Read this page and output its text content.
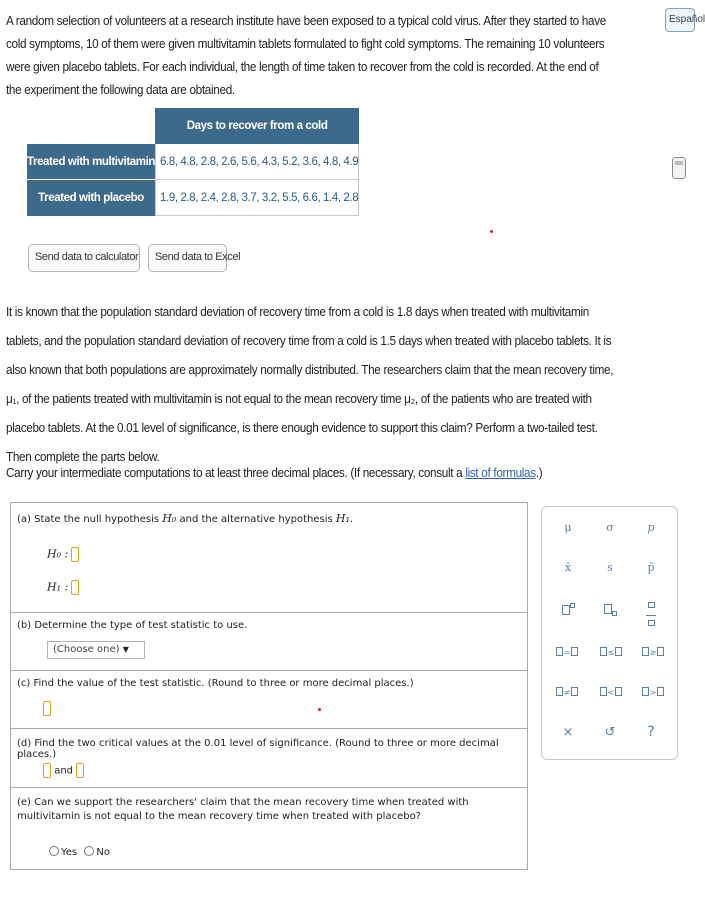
A random selection of volunteers at a research institute have been exposed to a typical cold virus. After they started to have cold symptoms, 10 of them were given multivitamin tablets formulated to fight cold symptoms. The remaining 10 volunteers were given placebo tablets. For each individual, the length of time taken to recover from the cold is recorded. At the end of the experiment the following data are obtained.
Español
	Days to recover from a cold
Treated with multivitamin	6.8, 4.8, 2.8, 2.6, 5.6, 4.3, 5.2, 3.6, 4.8, 4.9
Treated with placebo	1.9, 2.8, 2.4, 2.8, 3.7, 3.2, 5.5, 6.6, 1.4, 2.8
Send data to calculator	Send data to Excel
It is known that the population standard deviation of recovery time from a cold is 1.8 days when treated with multivitamin tablets, and the population standard deviation of recovery time from a cold is 1.5 days when treated with placebo tablets. It is also known that both populations are approximately normally distributed. The researchers claim that the mean recovery time, μ₁, of the patients treated with multivitamin is not equal to the mean recovery time μ₂, of the patients who are treated with placebo tablets. At the 0.01 level of significance, is there enough evidence to support this claim? Perform a two-tailed test. Then complete the parts below.
Carry your intermediate computations to at least three decimal places. (If necessary, consult a list of formulas.)
(a) State the null hypothesis H₀ and the alternative hypothesis H₁.
H₀ :
H₁ :
(b) Determine the type of test statistic to use.
(Choose one) ▼
(c) Find the value of the test statistic. (Round to three or more decimal places.)
(d) Find the two critical values at the 0.01 level of significance. (Round to three or more decimal places.)
and
(e) Can we support the researchers' claim that the mean recovery time when treated with multivitamin is not equal to the mean recovery time when treated with placebo?
Yes No
μ	σ	p
x̄	s	p̂

=	≤	≥
≠	<	>
×	↺	?
